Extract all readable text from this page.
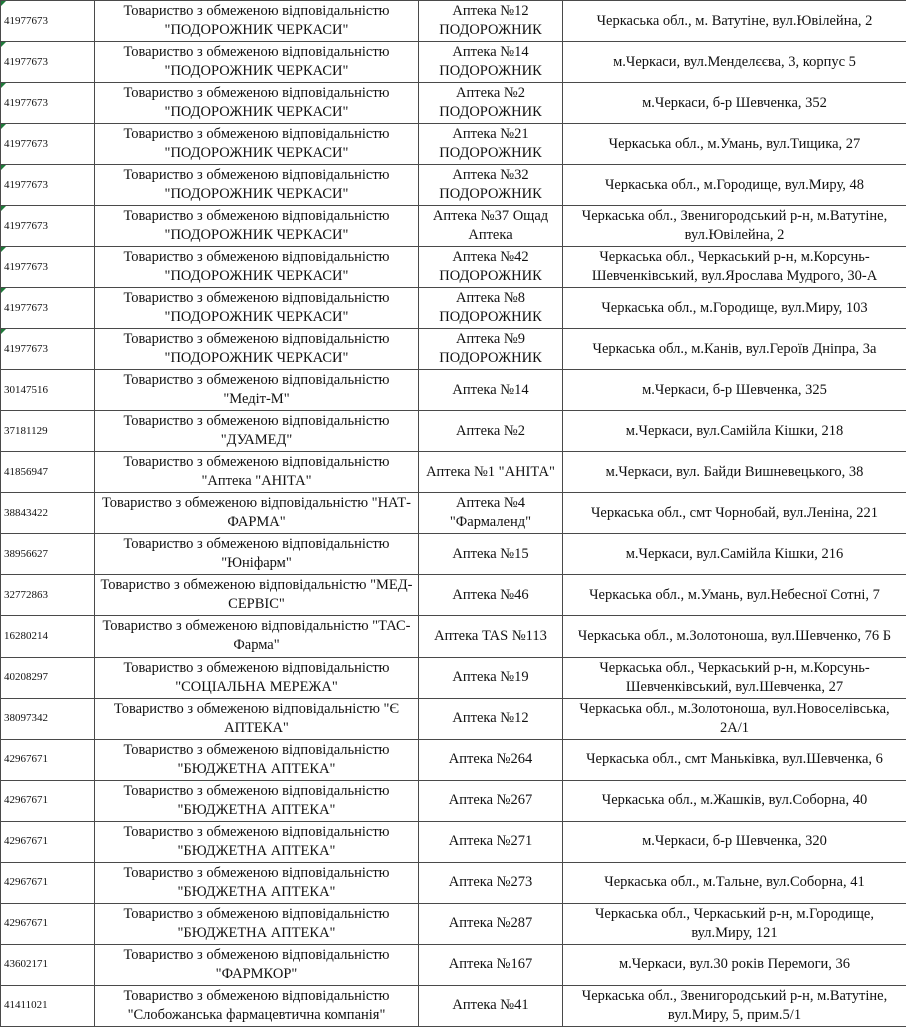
41977673	Товариство з обмеженою відповідальністю "ПОДОРОЖНИК ЧЕРКАСИ"	Аптека №12 ПОДОРОЖНИК	Черкаська обл., м. Ватутіне, вул.Ювілейна, 2
41977673	Товариство з обмеженою відповідальністю "ПОДОРОЖНИК ЧЕРКАСИ"	Аптека №14 ПОДОРОЖНИК	м.Черкаси, вул.Менделєєва, 3, корпус 5
41977673	Товариство з обмеженою відповідальністю "ПОДОРОЖНИК ЧЕРКАСИ"	Аптека №2 ПОДОРОЖНИК	м.Черкаси, б-р Шевченка, 352
41977673	Товариство з обмеженою відповідальністю "ПОДОРОЖНИК ЧЕРКАСИ"	Аптека №21 ПОДОРОЖНИК	Черкаська обл., м.Умань, вул.Тищика, 27
41977673	Товариство з обмеженою відповідальністю "ПОДОРОЖНИК ЧЕРКАСИ"	Аптека №32 ПОДОРОЖНИК	Черкаська обл., м.Городище, вул.Миру, 48
41977673	Товариство з обмеженою відповідальністю "ПОДОРОЖНИК ЧЕРКАСИ"	Аптека №37 Ощад Аптека	Черкаська обл., Звенигородський р-н, м.Ватутіне, вул.Ювілейна, 2
41977673	Товариство з обмеженою відповідальністю "ПОДОРОЖНИК ЧЕРКАСИ"	Аптека №42 ПОДОРОЖНИК	Черкаська обл., Черкаський р-н, м.Корсунь-Шевченківський, вул.Ярослава Мудрого, 30-А
41977673	Товариство з обмеженою відповідальністю "ПОДОРОЖНИК ЧЕРКАСИ"	Аптека №8 ПОДОРОЖНИК	Черкаська обл., м.Городище, вул.Миру, 103
41977673	Товариство з обмеженою відповідальністю "ПОДОРОЖНИК ЧЕРКАСИ"	Аптека №9 ПОДОРОЖНИК	Черкаська обл., м.Канів, вул.Героїв Дніпра, 3а
30147516	Товариство з обмеженою відповідальністю "Медіт-М"	Аптека №14	м.Черкаси, б-р Шевченка, 325
37181129	Товариство з обмеженою відповідальністю "ДУАМЕД"	Аптека №2	м.Черкаси, вул.Самійла Кішки, 218
41856947	Товариство з обмеженою відповідальністю "Аптека "АНІТА"	Аптека №1 "АНІТА"	м.Черкаси, вул. Байди Вишневецького, 38
38843422	Товариство з обмеженою відповідальністю "НАТ-ФАРМА"	Аптека №4 "Фармаленд"	Черкаська обл., смт Чорнобай, вул.Леніна, 221
38956627	Товариство з обмеженою відповідальністю "Юніфарм"	Аптека №15	м.Черкаси, вул.Самійла Кішки, 216
32772863	Товариство з обмеженою відповідальністю "МЕД-СЕРВІС"	Аптека №46	Черкаська обл., м.Умань, вул.Небесної Сотні, 7
16280214	Товариство з обмеженою відповідальністю "ТАС-Фарма"	Аптека TAS №113	Черкаська обл., м.Золотоноша, вул.Шевченко, 76 Б
40208297	Товариство з обмеженою відповідальністю "СОЦІАЛЬНА МЕРЕЖА"	Аптека №19	Черкаська обл., Черкаський р-н, м.Корсунь-Шевченківський, вул.Шевченка, 27
38097342	Товариство з обмеженою відповідальністю "Є АПТЕКА"	Аптека №12	Черкаська обл., м.Золотоноша, вул.Новоселівська, 2А/1
42967671	Товариство з обмеженою відповідальністю "БЮДЖЕТНА АПТЕКА"	Аптека №264	Черкаська обл., смт Маньківка, вул.Шевченка, 6
42967671	Товариство з обмеженою відповідальністю "БЮДЖЕТНА АПТЕКА"	Аптека №267	Черкаська обл., м.Жашків, вул.Соборна, 40
42967671	Товариство з обмеженою відповідальністю "БЮДЖЕТНА АПТЕКА"	Аптека №271	м.Черкаси, б-р Шевченка, 320
42967671	Товариство з обмеженою відповідальністю "БЮДЖЕТНА АПТЕКА"	Аптека №273	Черкаська обл., м.Тальне, вул.Соборна, 41
42967671	Товариство з обмеженою відповідальністю "БЮДЖЕТНА АПТЕКА"	Аптека №287	Черкаська обл., Черкаський р-н, м.Городище, вул.Миру, 121
43602171	Товариство з обмеженою відповідальністю "ФАРМКОР"	Аптека №167	м.Черкаси, вул.30 років Перемоги, 36
41411021	Товариство з обмеженою відповідальністю "Слобожанська фармацевтична компанія"	Аптека №41	Черкаська обл., Звенигородський р-н, м.Ватутіне, вул.Миру, 5, прим.5/1
